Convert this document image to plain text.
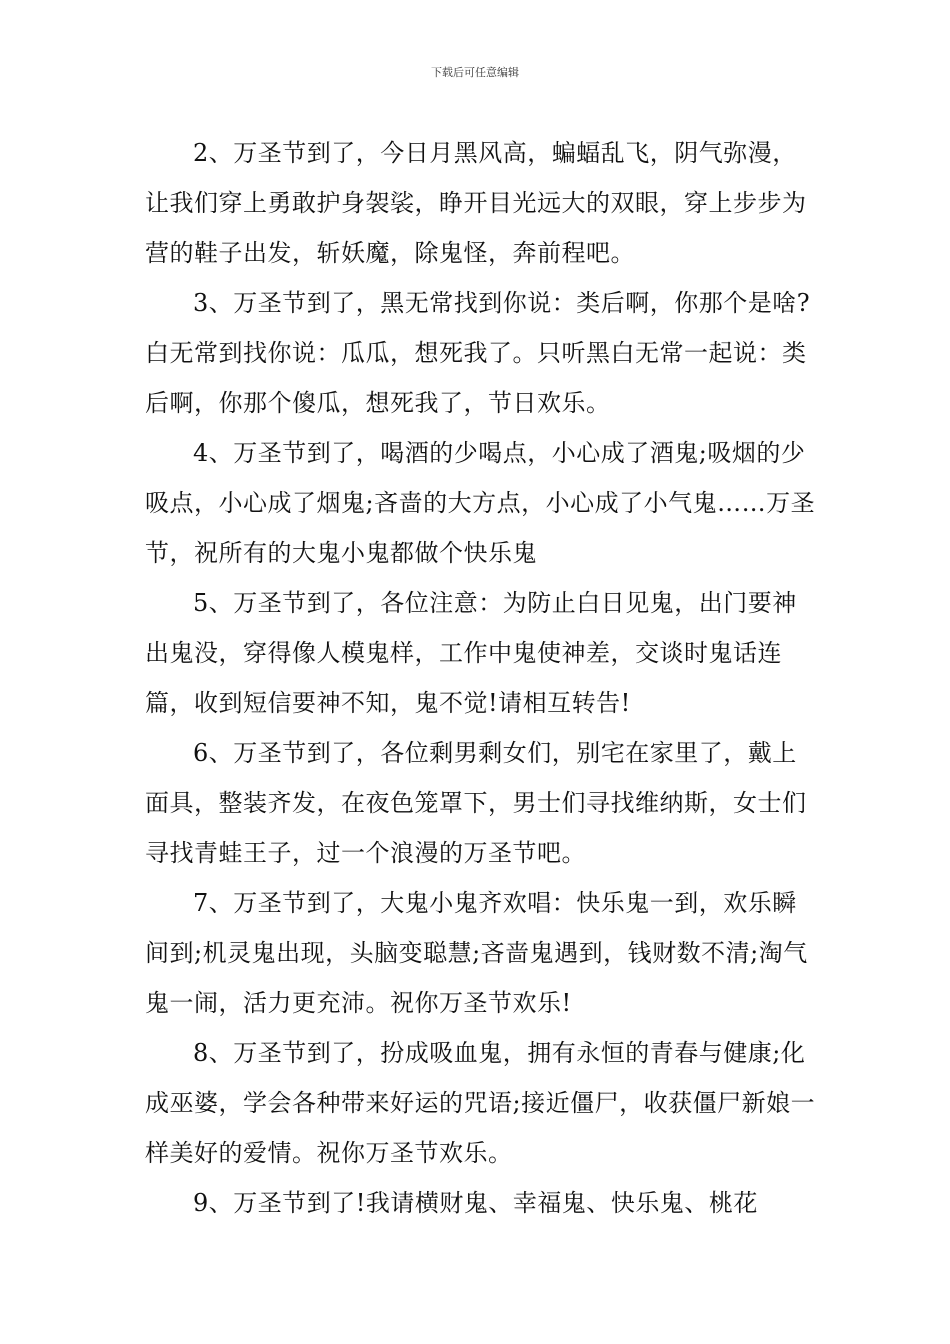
下载后可任意编辑

2、万圣节到了，今日月黑风高，蝙蝠乱飞，阴气弥漫，让我们穿上勇敢护身袈裟，睁开目光远大的双眼，穿上步步为营的鞋子出发，斩妖魔，除鬼怪，奔前程吧。

3、万圣节到了，黑无常找到你说：类后啊，你那个是啥?白无常到找你说：瓜瓜，想死我了。只听黑白无常一起说：类后啊，你那个傻瓜，想死我了，节日欢乐。

4、万圣节到了，喝酒的少喝点，小心成了酒鬼;吸烟的少吸点，小心成了烟鬼;吝啬的大方点，小心成了小气鬼……万圣节，祝所有的大鬼小鬼都做个快乐鬼

5、万圣节到了，各位注意：为防止白日见鬼，出门要神出鬼没，穿得像人模鬼样，工作中鬼使神差，交谈时鬼话连篇，收到短信要神不知，鬼不觉!请相互转告!

6、万圣节到了，各位剩男剩女们，别宅在家里了，戴上面具，整装齐发，在夜色笼罩下，男士们寻找维纳斯，女士们寻找青蛙王子，过一个浪漫的万圣节吧。

7、万圣节到了，大鬼小鬼齐欢唱：快乐鬼一到，欢乐瞬间到;机灵鬼出现，头脑变聪慧;吝啬鬼遇到，钱财数不清;淘气鬼一闹，活力更充沛。祝你万圣节欢乐!

8、万圣节到了，扮成吸血鬼，拥有永恒的青春与健康;化成巫婆，学会各种带来好运的咒语;接近僵尸，收获僵尸新娘一样美好的爱情。祝你万圣节欢乐。

9、万圣节到了!我请横财鬼、幸福鬼、快乐鬼、桃花
